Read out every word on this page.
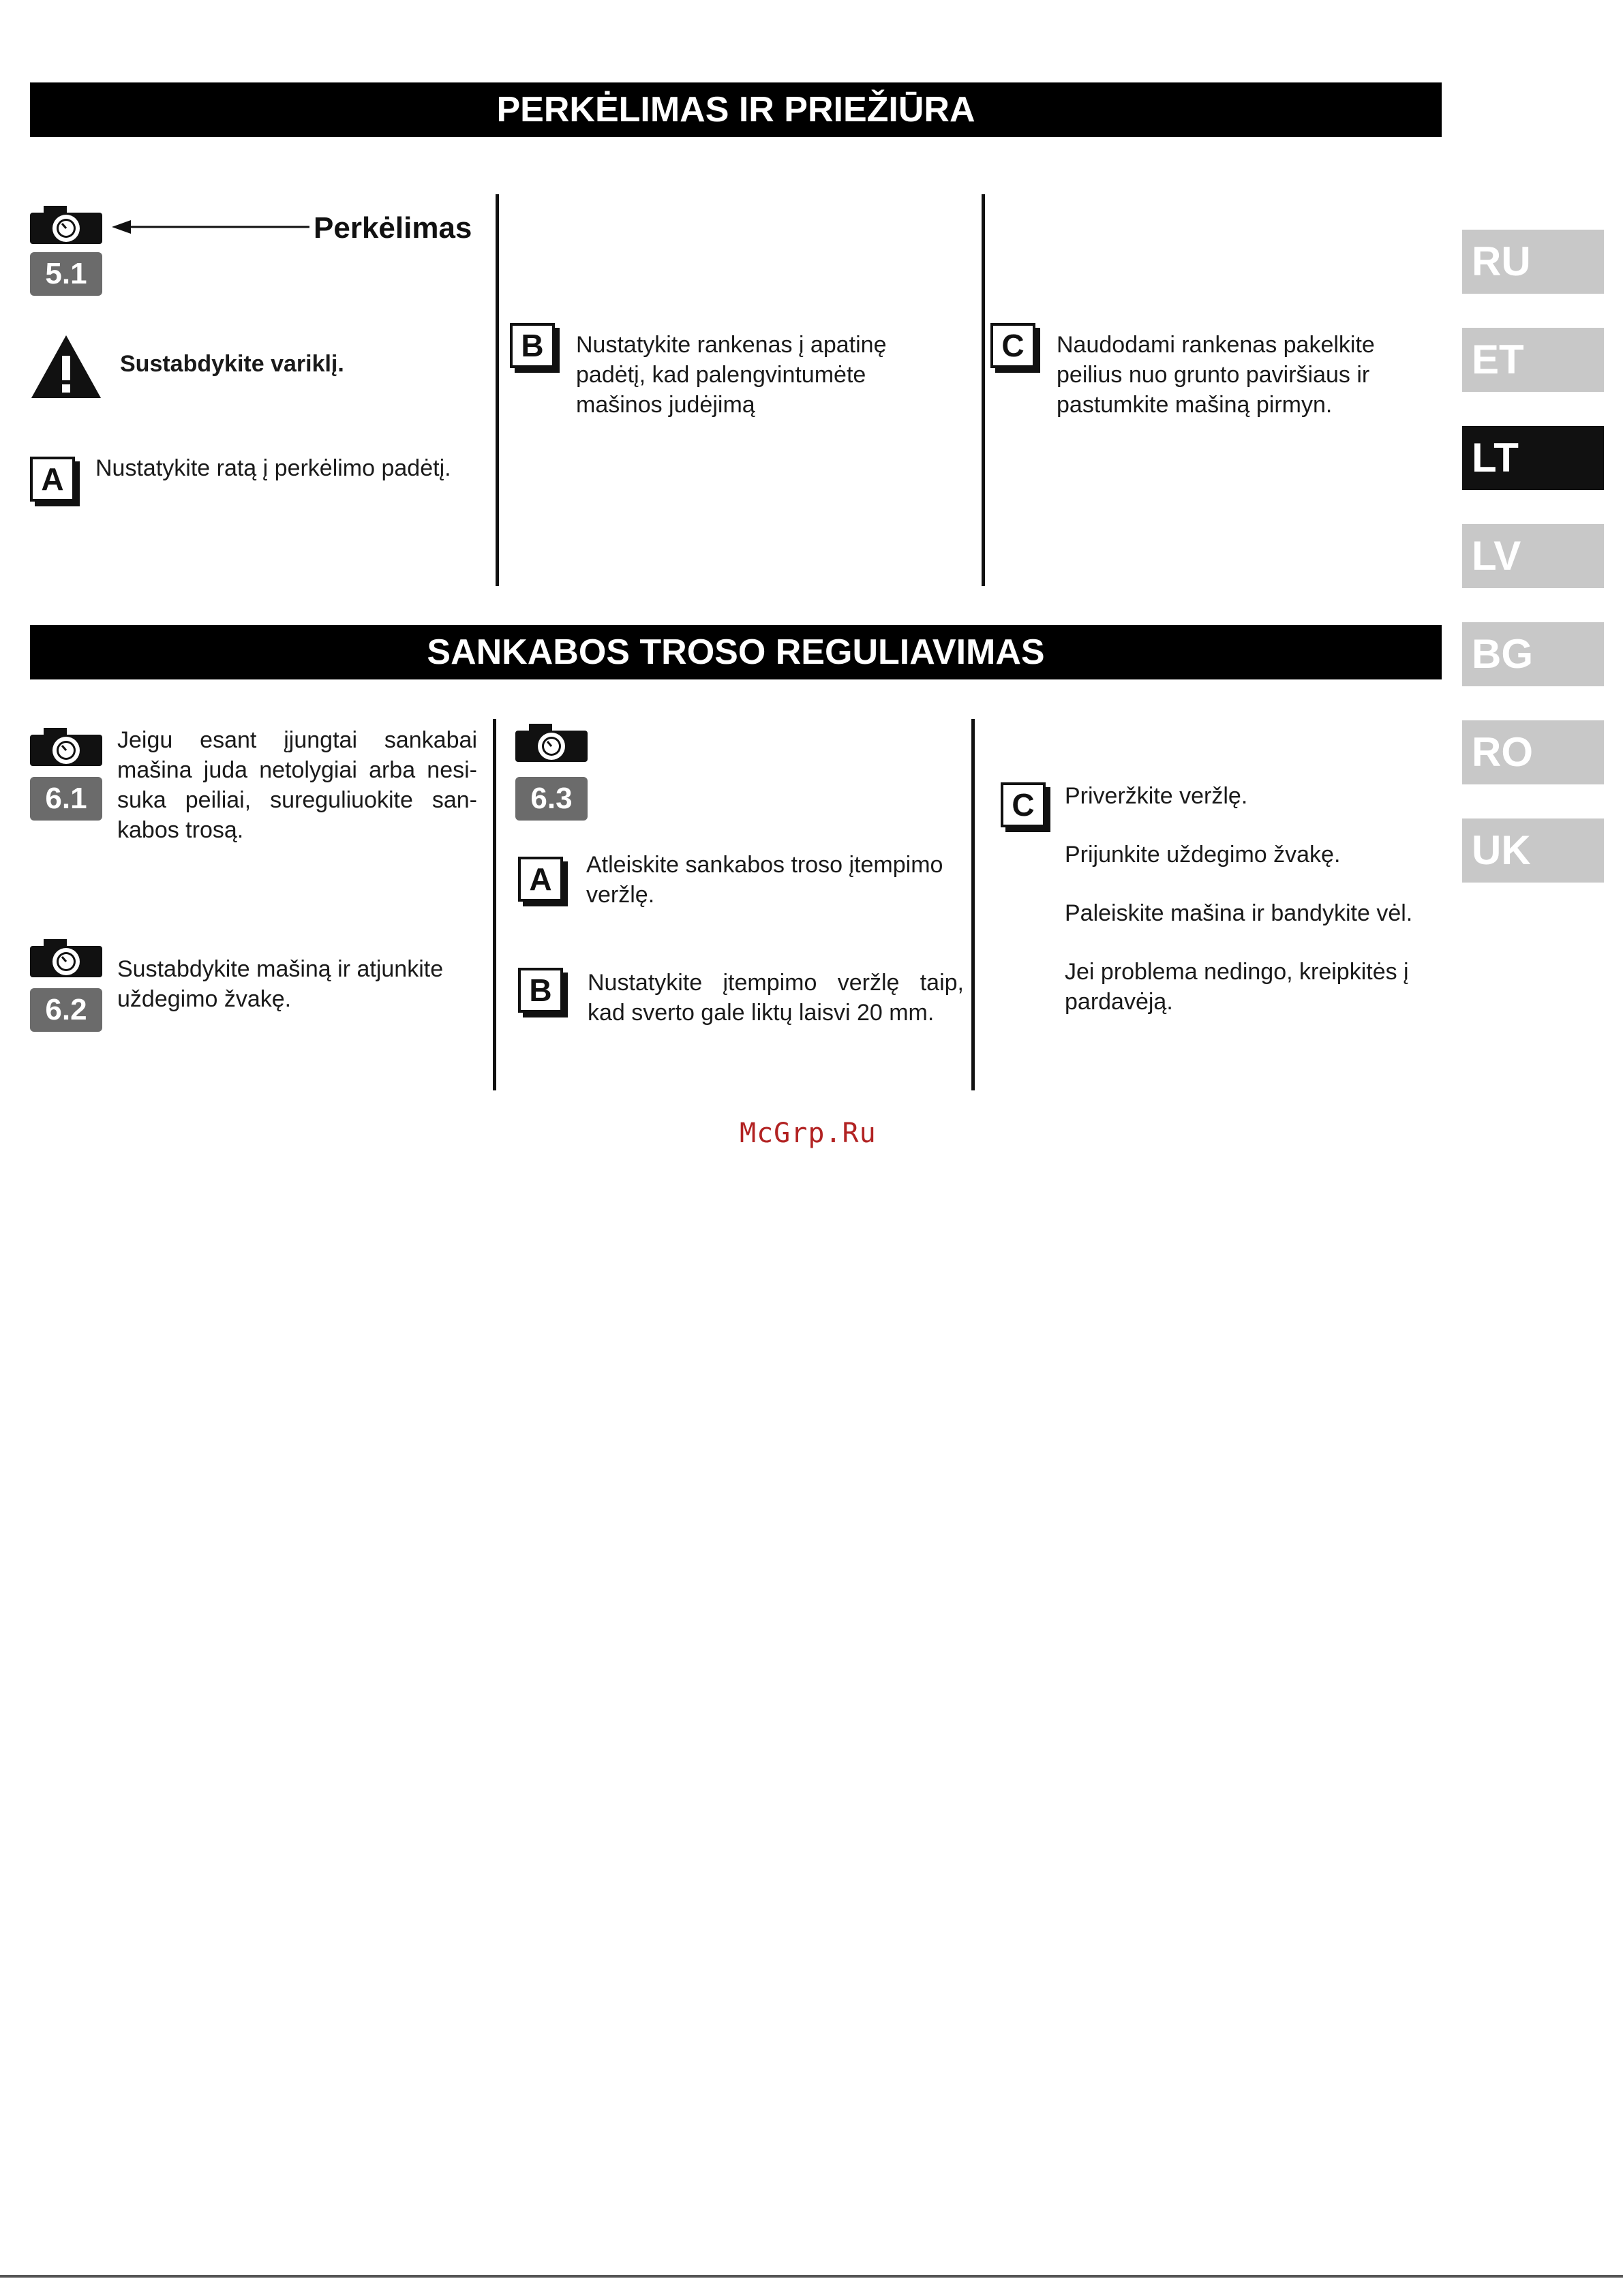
PERKĖLIMAS IR PRIEŽIŪRA
Perkėlimas
5.1
Sustabdykite variklį.
A	Nustatykite ratą į perkėlimo padėtį.
B	Nustatykite rankenas į apatinę padėtį, kad palengvintumėte mašinos judėjimą
C	Naudodami rankenas pakelkite peilius nuo grunto paviršiaus ir pastumkite mašiną pirmyn.
SANKABOS TROSO REGULIAVIMAS
6.1
Jeigu esant įjungtai sankabai mašina juda netolygiai arba nesi-suka peiliai, sureguliuokite san-kabos trosą.
6.2
Sustabdykite mašiną ir atjunkite uždegimo žvakę.
6.3
A	Atleiskite sankabos troso įtempimo veržlę.
B	Nustatykite įtempimo veržlę taip, kad sverto gale liktų laisvi 20 mm.
C	Priveržkite veržlę.
Prijunkite uždegimo žvakę.
Paleiskite mašina ir bandykite vėl.
Jei problema nedingo, kreipkitės į pardavėją.
RU
ET
LT
LV
BG
RO
UK
McGrp.Ru
